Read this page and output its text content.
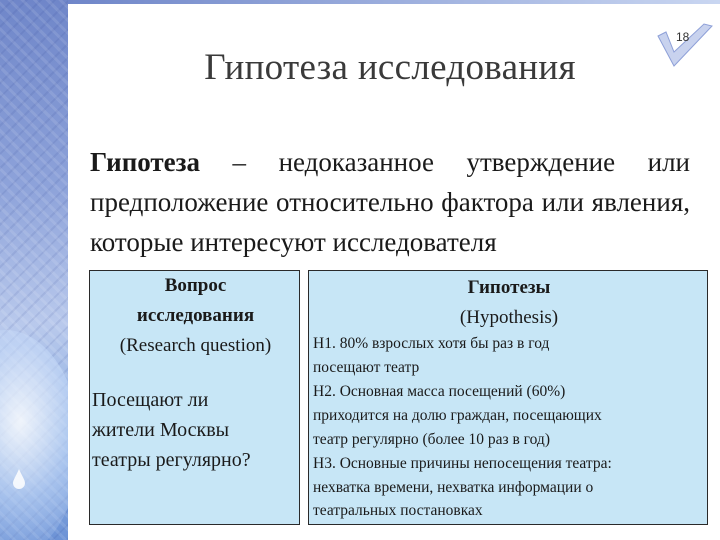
18
Гипотеза исследования
Гипотеза – недоказанное утверждение или предположение относительно фактора или явления, которые интересуют исследователя
Вопрос
исследования
(Research question)
Посещают ли
жители Москвы
театры регулярно?
Гипотезы
(Hypothesis)
Н1. 80% взрослых хотя бы раз в год
посещают театр
Н2. Основная масса посещений (60%)
приходится на долю граждан, посещающих
театр регулярно (более 10 раз в год)
Н3. Основные причины непосещения театра:
нехватка времени, нехватка информации о
театральных постановках
